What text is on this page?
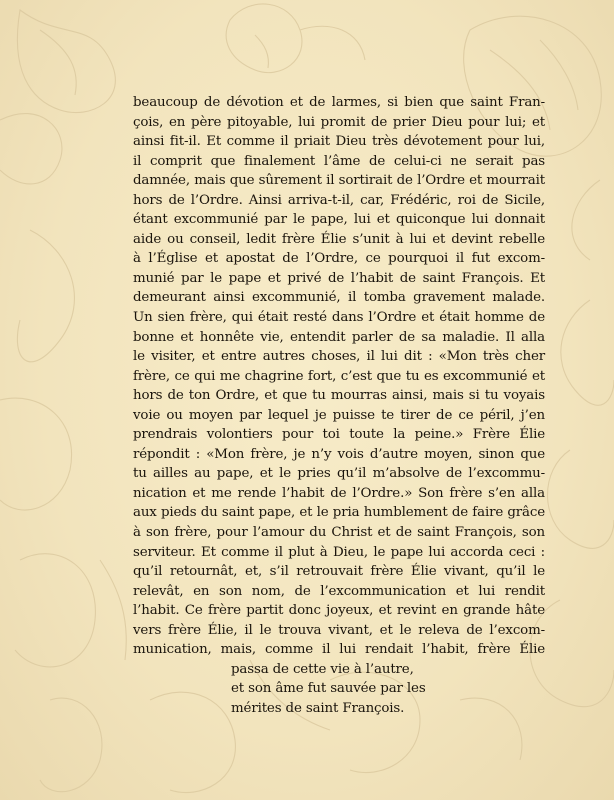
beaucoup de dévotion et de larmes, si bien que saint Fran-
çois, en père pitoyable, lui promit de prier Dieu pour lui; et
ainsi fit-il. Et comme il priait Dieu très dévotement pour lui,
il comprit que finalement l’âme de celui-ci ne serait pas
damnée, mais que sûrement il sortirait de l’Ordre et mourrait
hors de l’Ordre. Ainsi arriva-t-il, car, Frédéric, roi de Sicile,
étant excommunié par le pape, lui et quiconque lui donnait
aide ou conseil, ledit frère Élie s’unit à lui et devint rebelle
à l’Église et apostat de l’Ordre, ce pourquoi il fut excom-
munié par le pape et privé de l’habit de saint François. Et
demeurant ainsi excommunié, il tomba gravement malade.
Un sien frère, qui était resté dans l’Ordre et était homme de
bonne et honnête vie, entendit parler de sa maladie. Il alla
le visiter, et entre autres choses, il lui dit : «Mon très cher
frère, ce qui me chagrine fort, c’est que tu es excommunié et
hors de ton Ordre, et que tu mourras ainsi, mais si tu voyais
voie ou moyen par lequel je puisse te tirer de ce péril, j’en
prendrais volontiers pour toi toute la peine.» Frère Élie
répondit : «Mon frère, je n’y vois d’autre moyen, sinon que
tu ailles au pape, et le pries qu’il m’absolve de l’excommu-
nication et me rende l’habit de l’Ordre.» Son frère s’en alla
aux pieds du saint pape, et le pria humblement de faire grâce
à son frère, pour l’amour du Christ et de saint François, son
serviteur. Et comme il plut à Dieu, le pape lui accorda ceci :
qu’il retournât, et, s’il retrouvait frère Élie vivant, qu’il le
relevât, en son nom, de l’excommunication et lui rendit
l’habit. Ce frère partit donc joyeux, et revint en grande hâte
vers frère Élie, il le trouva vivant, et le releva de l’excom-
munication, mais, comme il lui rendait l’habit, frère Élie
passa de cette vie à l’autre,
et son âme fut sauvée par les
mérites de saint François.
